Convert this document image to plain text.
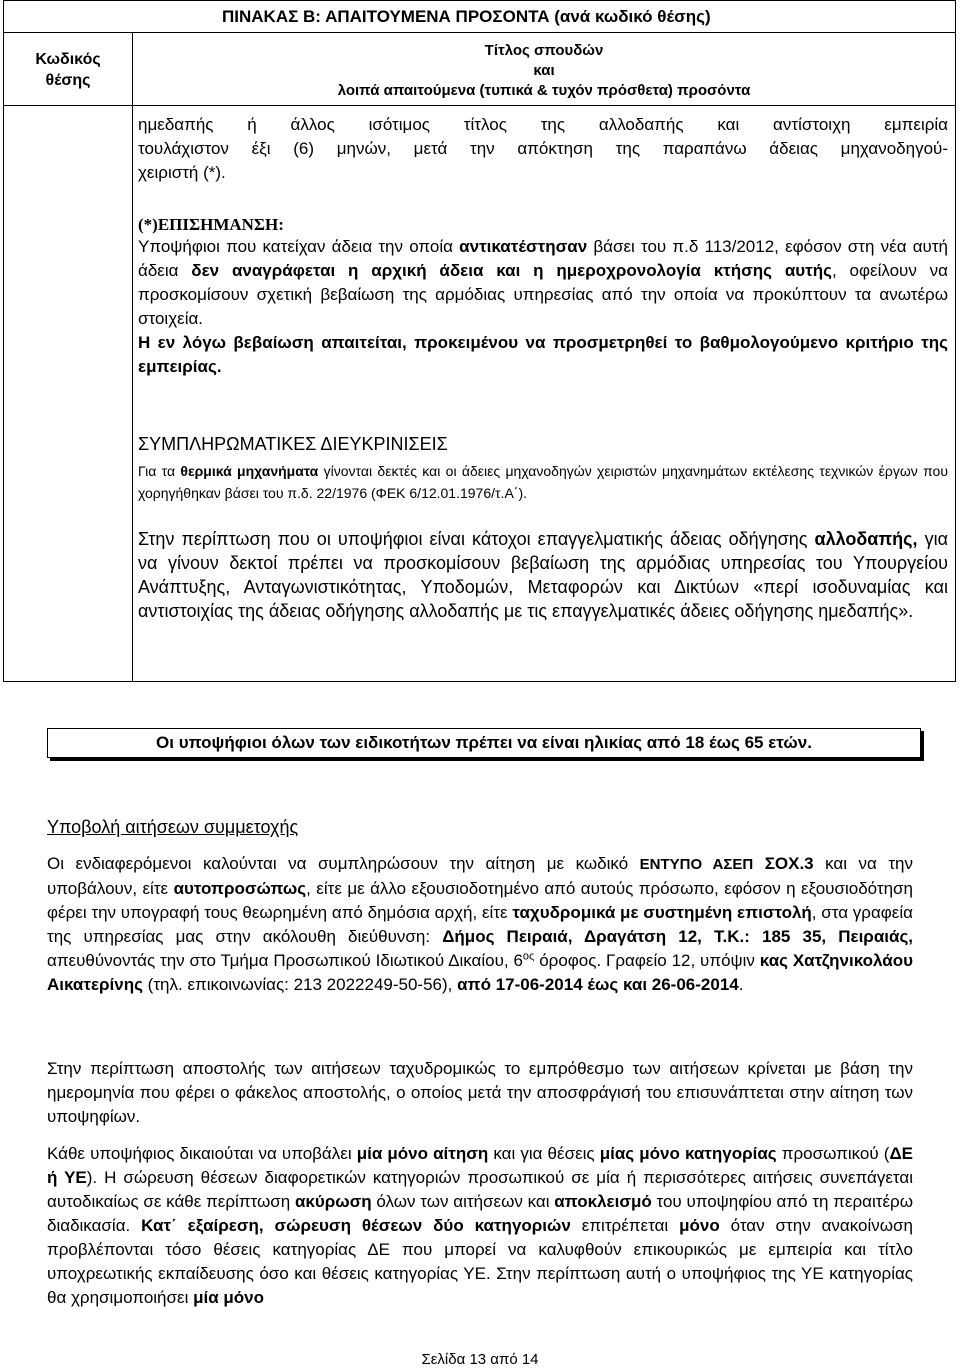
ΠΙΝΑΚΑΣ Β: ΑΠΑΙΤΟΥΜΕΝΑ ΠΡΟΣΟΝΤΑ (ανά κωδικό θέσης)
Κωδικός
θέσης
Τίτλος σπουδών
και
λοιπά απαιτούμενα (τυπικά & τυχόν πρόσθετα) προσόντα
ημεδαπής ή άλλος ισότιμος τίτλος της αλλοδαπής και αντίστοιχη εμπειρία
τουλάχιστον έξι (6) μηνών, μετά την απόκτηση της παραπάνω άδειας μηχανοδηγού-
χειριστή (*).
(*)ΕΠΙΣΗΜΑΝΣΗ:
Υποψήφιοι που κατείχαν άδεια την οποία αντικατέστησαν βάσει του π.δ 113/2012, εφόσον στη νέα αυτή άδεια δεν αναγράφεται η αρχική άδεια και η ημερoχρονολογία κτήσης αυτής, οφείλουν να προσκομίσουν σχετική βεβαίωση της αρμόδιας υπηρεσίας από την οποία να προκύπτουν τα ανωτέρω στοιχεία.
Η εν λόγω βεβαίωση απαιτείται, προκειμένου να προσμετρηθεί το βαθμολογούμενο κριτήριο της εμπειρίας.
ΣΥΜΠΛΗΡΩΜΑΤΙΚΕΣ ΔΙΕΥΚΡΙΝΙΣΕΙΣ
Για τα θερμικά μηχανήματα γίνονται δεκτές και οι άδειες μηχανοδηγών χειριστών μηχανημάτων εκτέλεσης τεχνικών έργων που χορηγήθηκαν βάσει του π.δ. 22/1976 (ΦΕΚ 6/12.01.1976/τ.Α΄).
Στην περίπτωση που οι υποψήφιοι είναι κάτοχοι επαγγελματικής άδειας οδήγησης αλλοδαπής, για να γίνουν δεκτοί πρέπει να προσκομίσουν βεβαίωση της αρμόδιας υπηρεσίας του Υπουργείου Ανάπτυξης, Ανταγωνιστικότητας, Υποδομών, Μεταφορών και Δικτύων «περί ισοδυναμίας και αντιστοιχίας της άδειας οδήγησης αλλοδαπής με τις επαγγελματικές άδειες οδήγησης ημεδαπής».
Οι υποψήφιοι όλων των ειδικοτήτων πρέπει να είναι ηλικίας από 18 έως 65 ετών.
Υποβολή αιτήσεων συμμετοχής
Οι ενδιαφερόμενοι καλούνται να συμπληρώσουν την αίτηση με κωδικό ΕΝΤΥΠΟ ΑΣΕΠ ΣΟΧ.3 και να την υποβάλουν, είτε αυτοπροσώπως, είτε με άλλο εξουσιοδοτημένο από αυτούς πρόσωπο, εφόσον η εξουσιοδότηση φέρει την υπογραφή τους θεωρημένη από δημόσια αρχή, είτε ταχυδρομικά με συστημένη επιστολή, στα γραφεία της υπηρεσίας μας στην ακόλουθη διεύθυνση: Δήμος Πειραιά, Δραγάτση 12, Τ.Κ.: 185 35, Πειραιάς, απευθύνοντάς την στο Τμήμα Προσωπικού Ιδιωτικού Δικαίου, $6^{o\varsigma}$ όροφος. Γραφείο 12, υπόψιν κας Χατζηνικολάου Αικατερίνης (τηλ. επικοινωνίας: 213 2022249-50-56), από 17-06-2014 έως και 26-06-2014.
Στην περίπτωση αποστολής των αιτήσεων ταχυδρομικώς το εμπρόθεσμο των αιτήσεων κρίνεται με βάση την ημερομηνία που φέρει ο φάκελος αποστολής, ο οποίος μετά την αποσφράγισή του επισυνάπτεται στην αίτηση των υποψηφίων.
Κάθε υποψήφιος δικαιούται να υποβάλει μία μόνο αίτηση και για θέσεις μίας μόνο κατηγορίας προσωπικού (ΔΕ ή ΥΕ). Η σώρευση θέσεων διαφορετικών κατηγοριών προσωπικού σε μία ή περισσότερες αιτήσεις συνεπάγεται αυτοδικαίως σε κάθε περίπτωση ακύρωση όλων των αιτήσεων και αποκλεισμό του υποψηφίου από τη περαιτέρω διαδικασία. Κατ΄ εξαίρεση, σώρευση θέσεων δύο κατηγοριών επιτρέπεται μόνο όταν στην ανακοίνωση προβλέπονται τόσο θέσεις κατηγορίας ΔΕ που μπορεί να καλυφθούν επικουρικώς με εμπειρία και τίτλο υποχρεωτικής εκπαίδευσης όσο και θέσεις κατηγορίας ΥΕ. Στην περίπτωση αυτή ο υποψήφιος της ΥΕ κατηγορίας θα χρησιμοποιήσει μία μόνο
Σελίδα 13 από 14
